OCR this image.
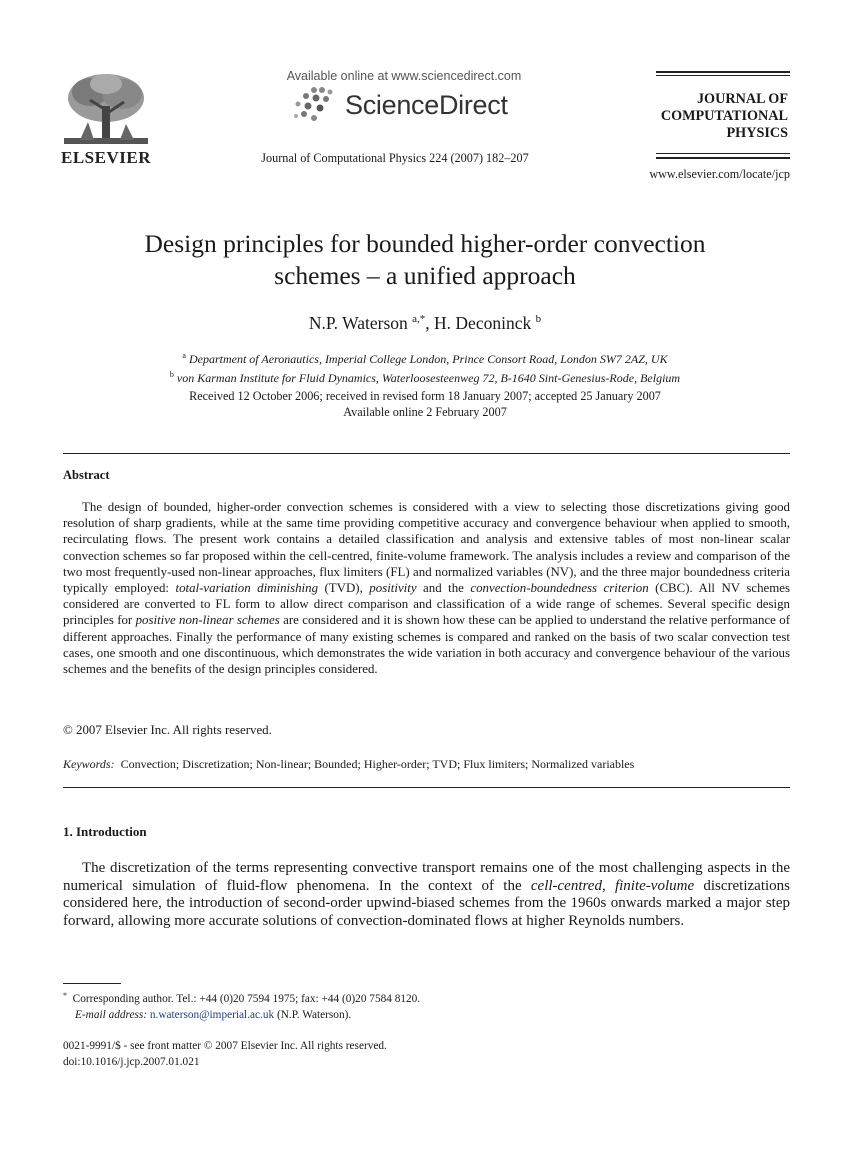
ELSEVIER
Available online at www.sciencedirect.com
ScienceDirect
Journal of Computational Physics 224 (2007) 182–207
JOURNAL OF
COMPUTATIONAL
PHYSICS
www.elsevier.com/locate/jcp
Design principles for bounded higher-order convection
schemes – a unified approach
N.P. Waterson $^{a,*}$, H. Deconinck $^b$
$^a$ Department of Aeronautics, Imperial College London, Prince Consort Road, London SW7 2AZ, UK
$^b$ von Karman Institute for Fluid Dynamics, Waterloosesteenweg 72, B-1640 Sint-Genesius-Rode, Belgium
Received 12 October 2006; received in revised form 18 January 2007; accepted 25 January 2007
Available online 2 February 2007
Abstract

The design of bounded, higher-order convection schemes is considered with a view to selecting those discretizations giving good resolution of sharp gradients, while at the same time providing competitive accuracy and convergence behaviour when applied to smooth, recirculating flows. The present work contains a detailed classification and analysis and extensive tables of most non-linear scalar convection schemes so far proposed within the cell-centred, finite-volume framework. The analysis includes a review and comparison of the two most frequently-used non-linear approaches, flux limiters (FL) and normalized variables (NV), and the three major boundedness criteria typically employed: total-variation diminishing (TVD), positivity and the convection-boundedness criterion (CBC). All NV schemes considered are converted to FL form to allow direct comparison and classification of a wide range of schemes. Several specific design principles for positive non-linear schemes are considered and it is shown how these can be applied to understand the relative performance of different approaches. Finally the performance of many existing schemes is compared and ranked on the basis of two scalar convection test cases, one smooth and one discontinuous, which demonstrates the wide variation in both accuracy and convergence behaviour of the various schemes and the benefits of the design principles considered.

© 2007 Elsevier Inc. All rights reserved.
Keywords: Convection; Discretization; Non-linear; Bounded; Higher-order; TVD; Flux limiters; Normalized variables
1. Introduction

The discretization of the terms representing convective transport remains one of the most challenging aspects in the numerical simulation of fluid-flow phenomena. In the context of the cell-centred, finite-volume discretizations considered here, the introduction of second-order upwind-biased schemes from the 1960s onwards marked a major step forward, allowing more accurate solutions of convection-dominated flows at higher Reynolds numbers.

* Corresponding author. Tel.: +44 (0)20 7594 1975; fax: +44 (0)20 7584 8120.
E-mail address: n.waterson@imperial.ac.uk (N.P. Waterson).
0021-9991/$ - see front matter © 2007 Elsevier Inc. All rights reserved.
doi:10.1016/j.jcp.2007.01.021
